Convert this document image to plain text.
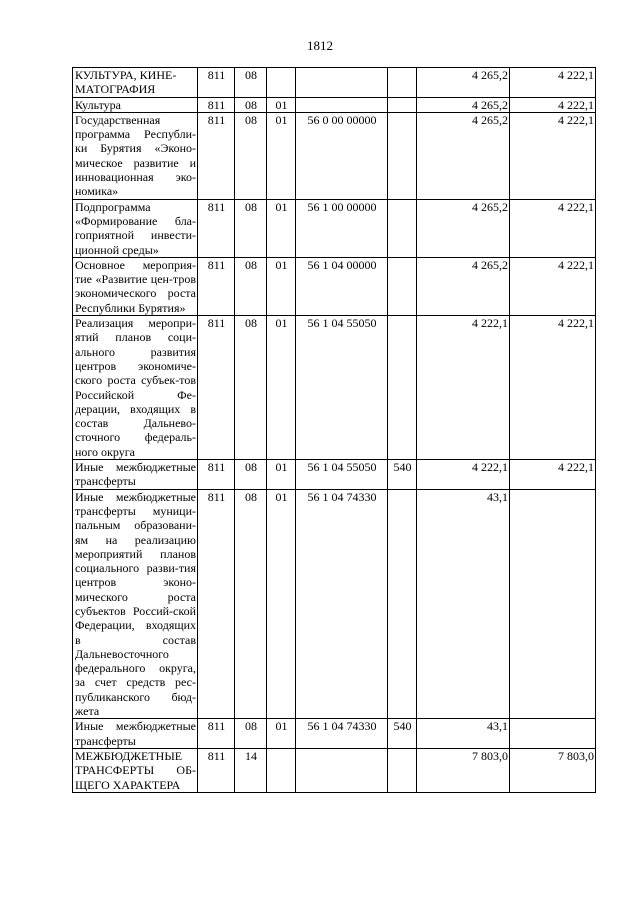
1812
КУЛЬТУРА, КИНЕ-
МАТОГРАФИЯ	811	08				4 265,2	4 222,1
Культура	811	08	01			4 265,2	4 222,1
Государственная программа Республи-ки Бурятия «Эконо-мическое развитие и инновационная эко-номика»	811	08	01	56 0 00 00000		4 265,2	4 222,1
Подпрограмма «Формирование бла-гоприятной инвести-ционной среды»	811	08	01	56 1 00 00000		4 265,2	4 222,1
Основное мероприя-тие «Развитие цен-тров экономического роста Республики Бурятия»	811	08	01	56 1 04 00000		4 265,2	4 222,1
Реализация меропри-ятий планов соци-ального развития центров экономиче-ского роста субъек-тов Российской Фе-дерации, входящих в состав Дальнево-сточного федераль-ного округа	811	08	01	56 1 04 55050		4 222,1	4 222,1
Иные межбюджетные трансферты	811	08	01	56 1 04 55050	540	4 222,1	4 222,1
Иные межбюджетные трансферты муници-пальным образовани-ям на реализацию мероприятий планов социального разви-тия центров эконо-мического роста субъектов Россий-ской Федерации, входящих в состав Дальневосточного федерального округа, за счет средств рес-публиканского бюд-жета	811	08	01	56 1 04 74330		43,1	
Иные межбюджетные трансферты	811	08	01	56 1 04 74330	540	43,1	
МЕЖБЮДЖЕТНЫЕ ТРАНСФЕРТЫ ОБ-ЩЕГО ХАРАКТЕРА	811	14				7 803,0	7 803,0
